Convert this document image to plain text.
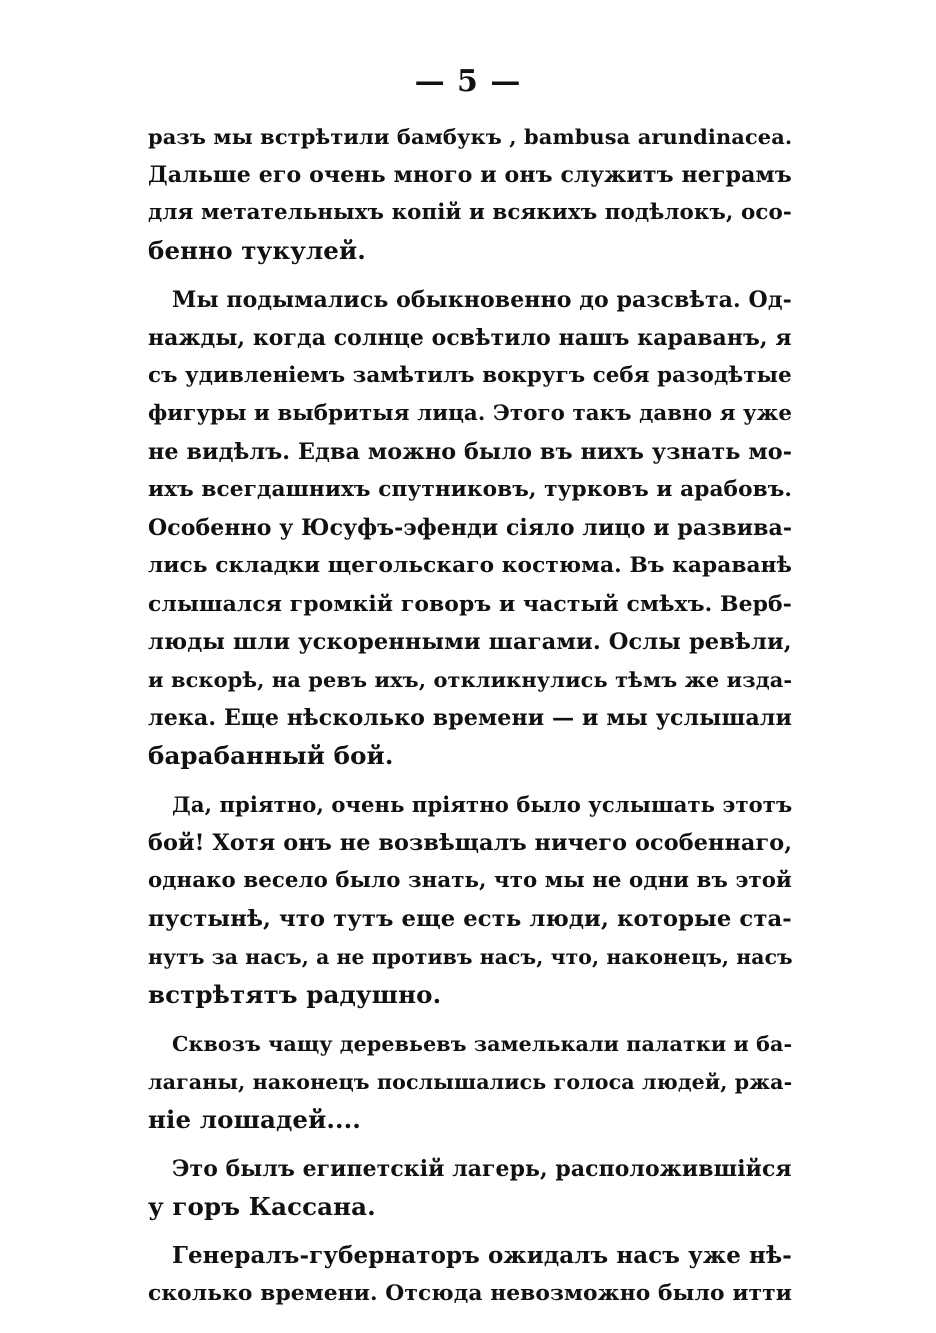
— 5 —
разъ мы встрѣтили бамбукъ , bambusa arundinacea.
Дальше его очень много и онъ служитъ неграмъ
для метательныхъ копій и всякихъ подѣлокъ, осо-
бенно тукулей.
Мы подымались обыкновенно до разсвѣта. Од-
нажды, когда солнце освѣтило нашъ караванъ, я
съ удивленіемъ замѣтилъ вокругъ себя разодѣтые
фигуры и выбритыя лица. Этого такъ давно я уже
не видѣлъ. Едва можно было въ нихъ узнать мо-
ихъ всегдашнихъ спутниковъ, турковъ и арабовъ.
Особенно у Юсуфъ-эфенди сіяло лицо и развива-
лись складки щегольскаго костюма. Въ караванѣ
слышался громкій говоръ и частый смѣхъ. Верб-
люды шли ускоренными шагами. Ослы ревѣли,
и вскорѣ, на ревъ ихъ, откликнулись тѣмъ же изда-
лека. Еще нѣсколько времени — и мы услышали
барабанный бой.
Да, пріятно, очень пріятно было услышать этотъ
бой! Хотя онъ не возвѣщалъ ничего особеннаго,
однако весело было знать, что мы не одни въ этой
пустынѣ, что тутъ еще есть люди, которые ста-
нутъ за насъ, а не противъ насъ, что, наконецъ, насъ
встрѣтятъ радушно.
Сквозъ чащу деревьевъ замелькали палатки и ба-
лаганы, наконецъ послышались голоса людей, ржа-
ніе лошадей....
Это былъ египетскій лагерь, расположившійся
у горъ Кассана.
Генералъ-губернаторъ ожидалъ насъ уже нѣ-
сколько времени. Отсюда невозможно было итти
